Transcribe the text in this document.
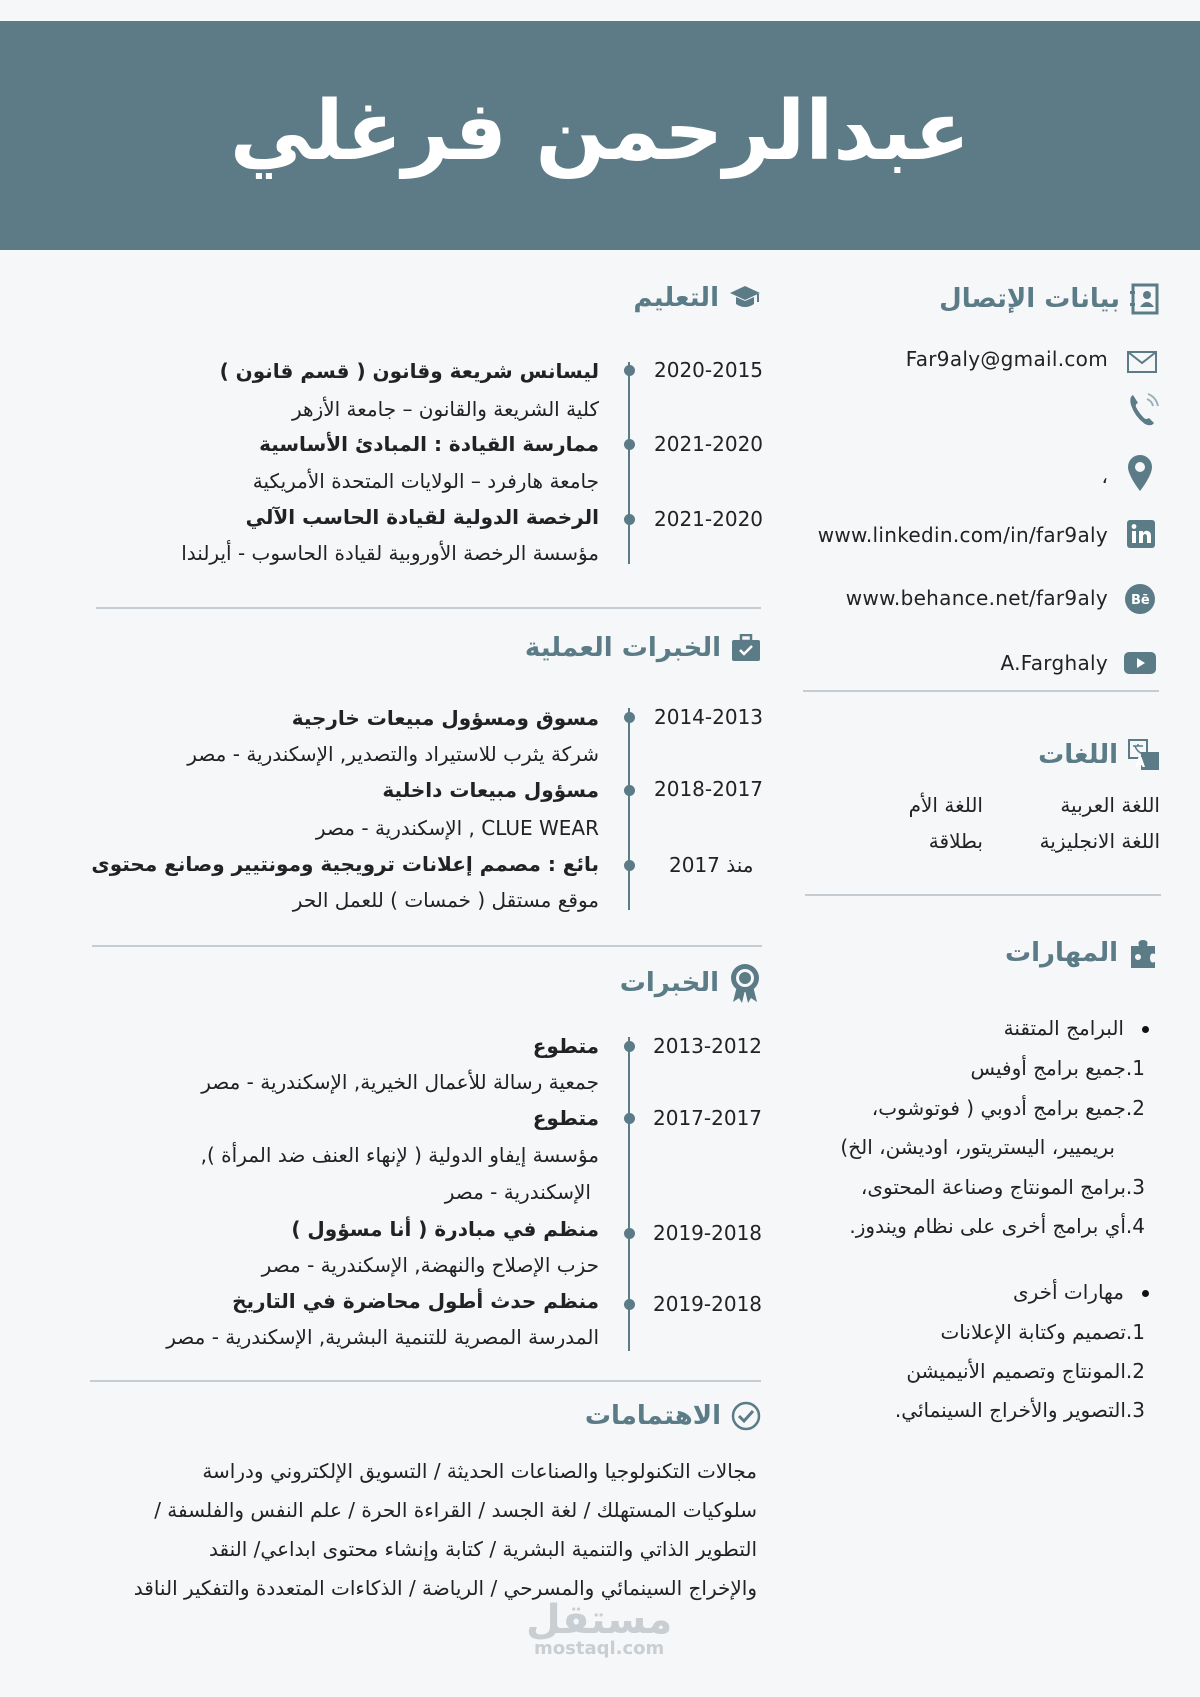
عبدالرحمن فرغلي
بيانات الإتصال
Far9aly@gmail.com
،
www.linkedin.com/in/far9aly
Bē
www.behance.net/far9aly
A.Farghaly
A
اللغات
اللغة العربية
اللغة الأم
اللغة الانجليزية
بطلاقة
المهارات
البرامج المتقنة
1.جميع برامج أوفيس
2.جميع برامج أدوبي ( فوتوشوب،
بريميير، اليستريتور، اوديشن، الخ)
3.برامج المونتاج وصناعة المحتوى،
4.أي برامج أخرى على نظام ويندوز.
مهارات أخرى
1.تصميم وكتابة الإعلانات
2.المونتاج وتصميم الأنيميشن
3.التصوير والأخراج السينمائي.
التعليم
2020-2015
ليسانس شريعة وقانون ( قسم قانون )
كلية الشريعة والقانون – جامعة الأزهر
2021-2020
ممارسة القيادة : المبادئ الأساسية
جامعة هارفرد – الولايات المتحدة الأمريكية
2021-2020
الرخصة الدولية لقيادة الحاسب الآلي
مؤسسة الرخصة الأوروبية لقيادة الحاسوب - أيرلندا
الخبرات العملية
2014-2013
مسوق ومسؤول مبيعات خارجية
شركة يثرب للاستيراد والتصدير, الإسكندرية - مصر
2018-2017
مسؤول مبيعات داخلية
CLUE WEAR , الإسكندرية - مصر
منذ 2017
بائع : مصمم إعلانات ترويجية ومونتيير وصانع محتوى
موقع مستقل ( خمسات ) للعمل الحر
الخبرات
2013-2012
متطوع
جمعية رسالة للأعمال الخيرية, الإسكندرية - مصر
2017-2017
متطوع
مؤسسة إيفاو الدولية ( لإنهاء العنف ضد المرأة ),
الإسكندرية - مصر
2019-2018
منظم في مبادرة ( أنا مسؤول )
حزب الإصلاح والنهضة, الإسكندرية - مصر
2019-2018
منظم حدث أطول محاضرة في التاريخ
المدرسة المصرية للتنمية البشرية, الإسكندرية - مصر
الاهتمامات
مجالات التكنولوجيا والصناعات الحديثة / التسويق الإلكتروني ودراسة
سلوكيات المستهلك / لغة الجسد / القراءة الحرة / علم النفس والفلسفة /
التطوير الذاتي والتنمية البشرية / كتابة وإنشاء محتوى ابداعي/ النقد
والإخراج السينمائي والمسرحي / الرياضة / الذكاءات المتعددة والتفكير الناقد
مستقل
mostaql.com
